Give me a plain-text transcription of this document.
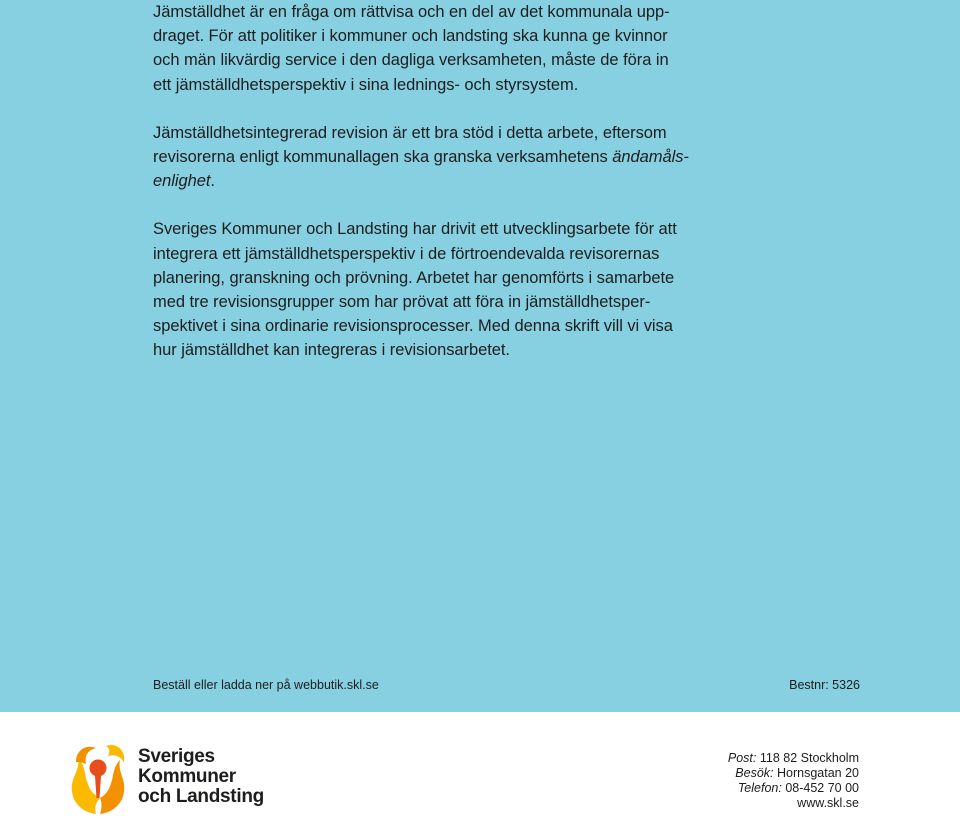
Jämställdhet är en fråga om rättvisa och en del av det kommunala upp-
draget. För att politiker i kommuner och landsting ska kunna ge kvinnor
och män likvärdig service i den dagliga verksamheten, måste de föra in
ett jämställdhetsperspektiv i sina lednings- och styrsystem.

Jämställdhetsintegrerad revision är ett bra stöd i detta arbete, eftersom
revisorerna enligt kommunallagen ska granska verksamhetens ändamåls-
enlighet.

Sveriges Kommuner och Landsting har drivit ett utvecklingsarbete för att
integrera ett jämställdhetsperspektiv i de förtroendevalda revisorernas
planering, granskning och prövning. Arbetet har genomförts i samarbete
med tre revisionsgrupper som har prövat att föra in jämställdhetsper-
spektivet i sina ordinarie revisionsprocesser. Med denna skrift vill vi visa
hur jämställdhet kan integreras i revisionsarbetet.

Beställ eller ladda ner på webbutik.skl.se	Bestnr: 5326
Sveriges
Kommuner
och Landsting
Post: 118 82 Stockholm
Besök: Hornsgatan 20
Telefon: 08-452 70 00
www.skl.se
